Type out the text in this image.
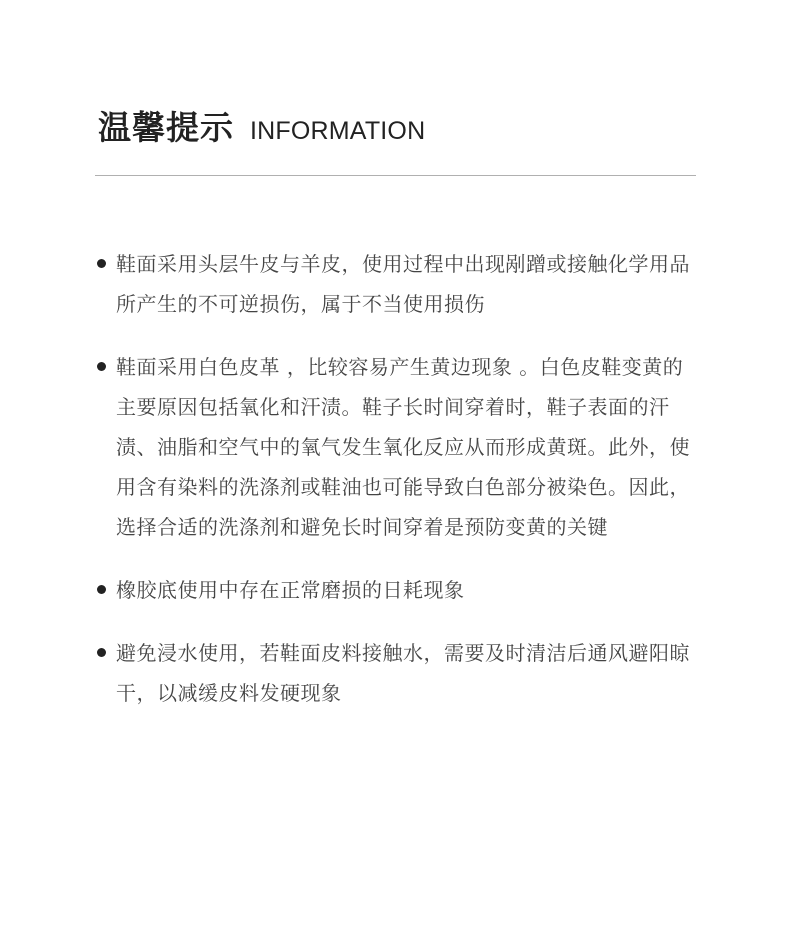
温馨提示 INFORMATION
鞋面采用头层牛皮与羊皮，使用过程中出现剐蹭或接触化学用品所产生的不可逆损伤，属于不当使用损伤
鞋面采用白色皮革 ，比较容易产生黄边现象 。白色皮鞋变黄的主要原因包括氧化和汗渍。鞋子长时间穿着时，鞋子表面的汗渍、油脂和空气中的氧气发生氧化反应从而形成黄斑。此外，使用含有染料的洗涤剂或鞋油也可能导致白色部分被染色。因此，选择合适的洗涤剂和避免长时间穿着是预防变黄的关键
橡胶底使用中存在正常磨损的日耗现象
避免浸水使用，若鞋面皮料接触水，需要及时清洁后通风避阳晾干，以减缓皮料发硬现象
